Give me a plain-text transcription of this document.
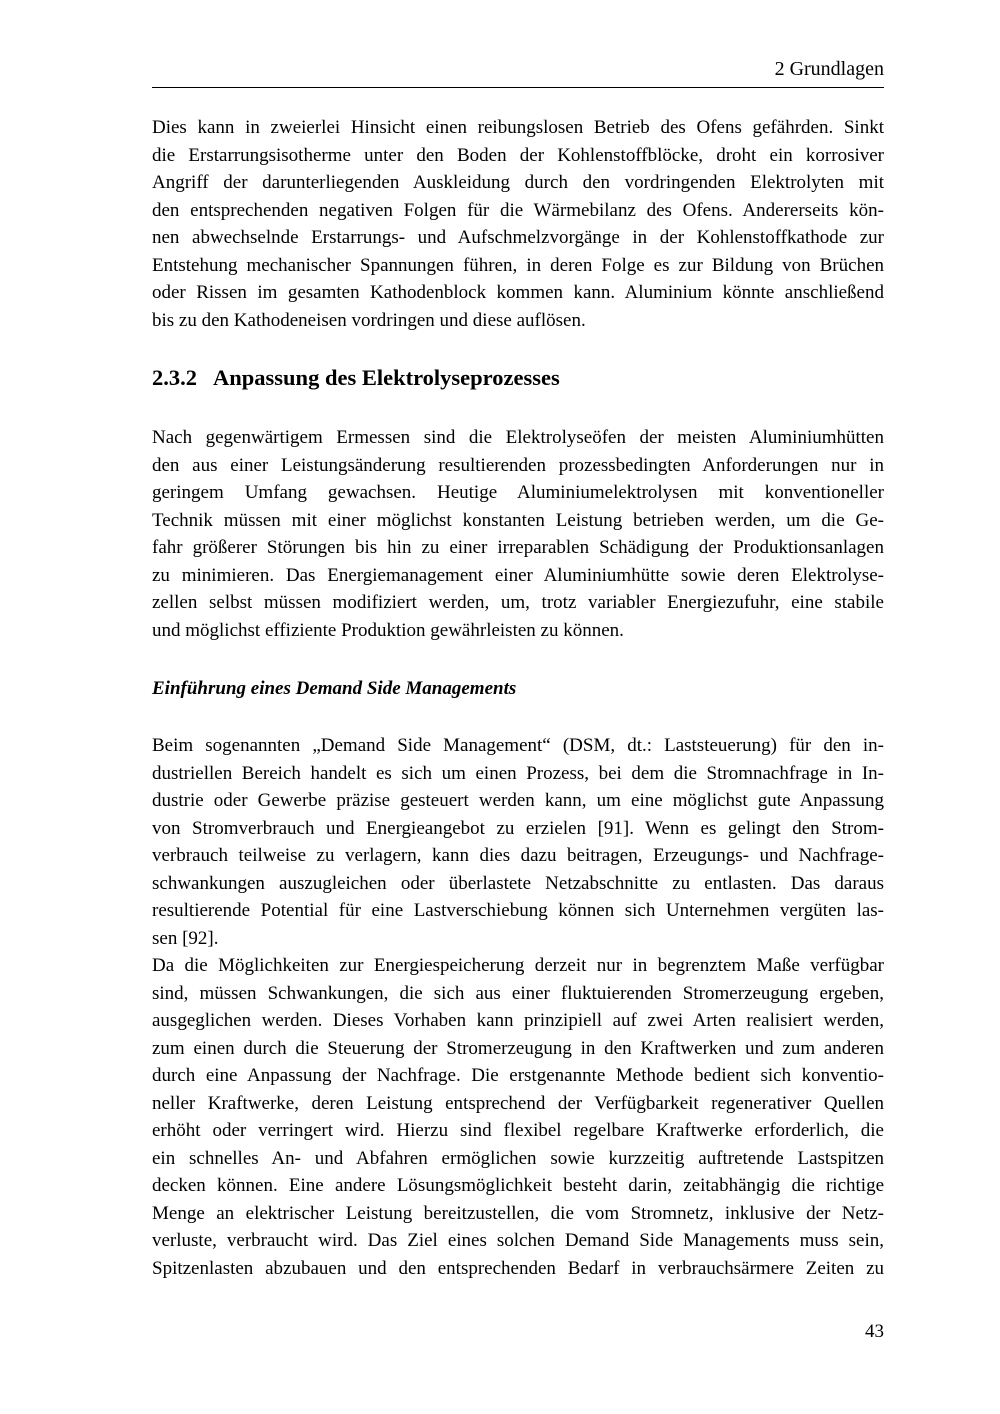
2 Grundlagen
Dies kann in zweierlei Hinsicht einen reibungslosen Betrieb des Ofens gefährden. Sinkt
die Erstarrungsisotherme unter den Boden der Kohlenstoffblöcke, droht ein korrosiver
Angriff der darunterliegenden Auskleidung durch den vordringenden Elektrolyten mit
den entsprechenden negativen Folgen für die Wärmebilanz des Ofens. Andererseits kön-
nen abwechselnde Erstarrungs- und Aufschmelzvorgänge in der Kohlenstoffkathode zur
Entstehung mechanischer Spannungen führen, in deren Folge es zur Bildung von Brüchen
oder Rissen im gesamten Kathodenblock kommen kann. Aluminium könnte anschließend
bis zu den Kathodeneisen vordringen und diese auflösen.
2.3.2 Anpassung des Elektrolyseprozesses
Nach gegenwärtigem Ermessen sind die Elektrolyseöfen der meisten Aluminiumhütten
den aus einer Leistungsänderung resultierenden prozessbedingten Anforderungen nur in
geringem Umfang gewachsen. Heutige Aluminiumelektrolysen mit konventioneller
Technik müssen mit einer möglichst konstanten Leistung betrieben werden, um die Ge-
fahr größerer Störungen bis hin zu einer irreparablen Schädigung der Produktionsanlagen
zu minimieren. Das Energiemanagement einer Aluminiumhütte sowie deren Elektrolyse-
zellen selbst müssen modifiziert werden, um, trotz variabler Energiezufuhr, eine stabile
und möglichst effiziente Produktion gewährleisten zu können.
Einführung eines Demand Side Managements
Beim sogenannten „Demand Side Management“ (DSM, dt.: Laststeuerung) für den in-
dustriellen Bereich handelt es sich um einen Prozess, bei dem die Stromnachfrage in In-
dustrie oder Gewerbe präzise gesteuert werden kann, um eine möglichst gute Anpassung
von Stromverbrauch und Energieangebot zu erzielen [91]. Wenn es gelingt den Strom-
verbrauch teilweise zu verlagern, kann dies dazu beitragen, Erzeugungs- und Nachfrage-
schwankungen auszugleichen oder überlastete Netzabschnitte zu entlasten. Das daraus
resultierende Potential für eine Lastverschiebung können sich Unternehmen vergüten las-
sen [92].
Da die Möglichkeiten zur Energiespeicherung derzeit nur in begrenztem Maße verfügbar
sind, müssen Schwankungen, die sich aus einer fluktuierenden Stromerzeugung ergeben,
ausgeglichen werden. Dieses Vorhaben kann prinzipiell auf zwei Arten realisiert werden,
zum einen durch die Steuerung der Stromerzeugung in den Kraftwerken und zum anderen
durch eine Anpassung der Nachfrage. Die erstgenannte Methode bedient sich konventio-
neller Kraftwerke, deren Leistung entsprechend der Verfügbarkeit regenerativer Quellen
erhöht oder verringert wird. Hierzu sind flexibel regelbare Kraftwerke erforderlich, die
ein schnelles An- und Abfahren ermöglichen sowie kurzzeitig auftretende Lastspitzen
decken können. Eine andere Lösungsmöglichkeit besteht darin, zeitabhängig die richtige
Menge an elektrischer Leistung bereitzustellen, die vom Stromnetz, inklusive der Netz-
verluste, verbraucht wird. Das Ziel eines solchen Demand Side Managements muss sein,
Spitzenlasten abzubauen und den entsprechenden Bedarf in verbrauchsärmere Zeiten zu
43
